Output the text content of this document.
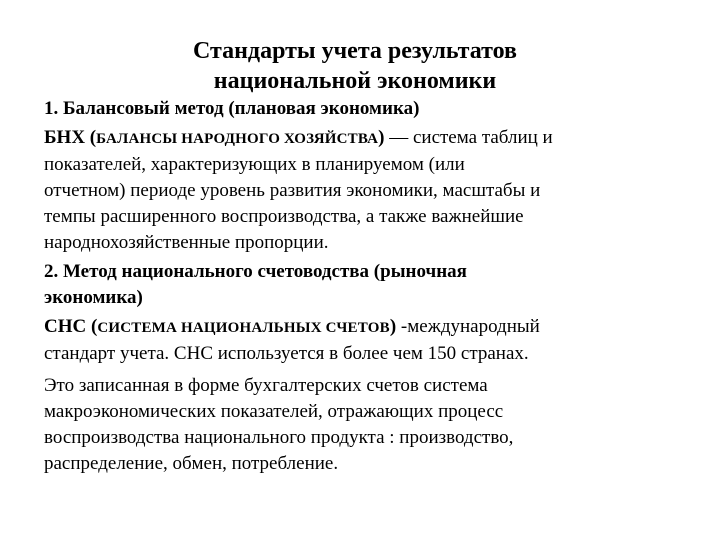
Стандарты учета результатов
национальной экономики
1. Балансовый метод (плановая экономика)
БНХ (БАЛАНСЫ НАРОДНОГО ХОЗЯЙСТВА) — система таблиц и
показателей, характеризующих в планируемом (или
отчетном) периоде уровень развития экономики, масштабы и
темпы расширенного воспроизводства, а также важнейшие
народнохозяйственные пропорции.
2. Метод национального счетоводства (рыночная
экономика)
СНС (СИСТЕМА НАЦИОНАЛЬНЫХ СЧЕТОВ) -международный
стандарт учета. СНС используется в более чем 150 странах.
Это записанная в форме бухгалтерских счетов система
макроэкономических показателей, отражающих процесс
воспроизводства национального продукта : производство,
распределение, обмен, потребление.
